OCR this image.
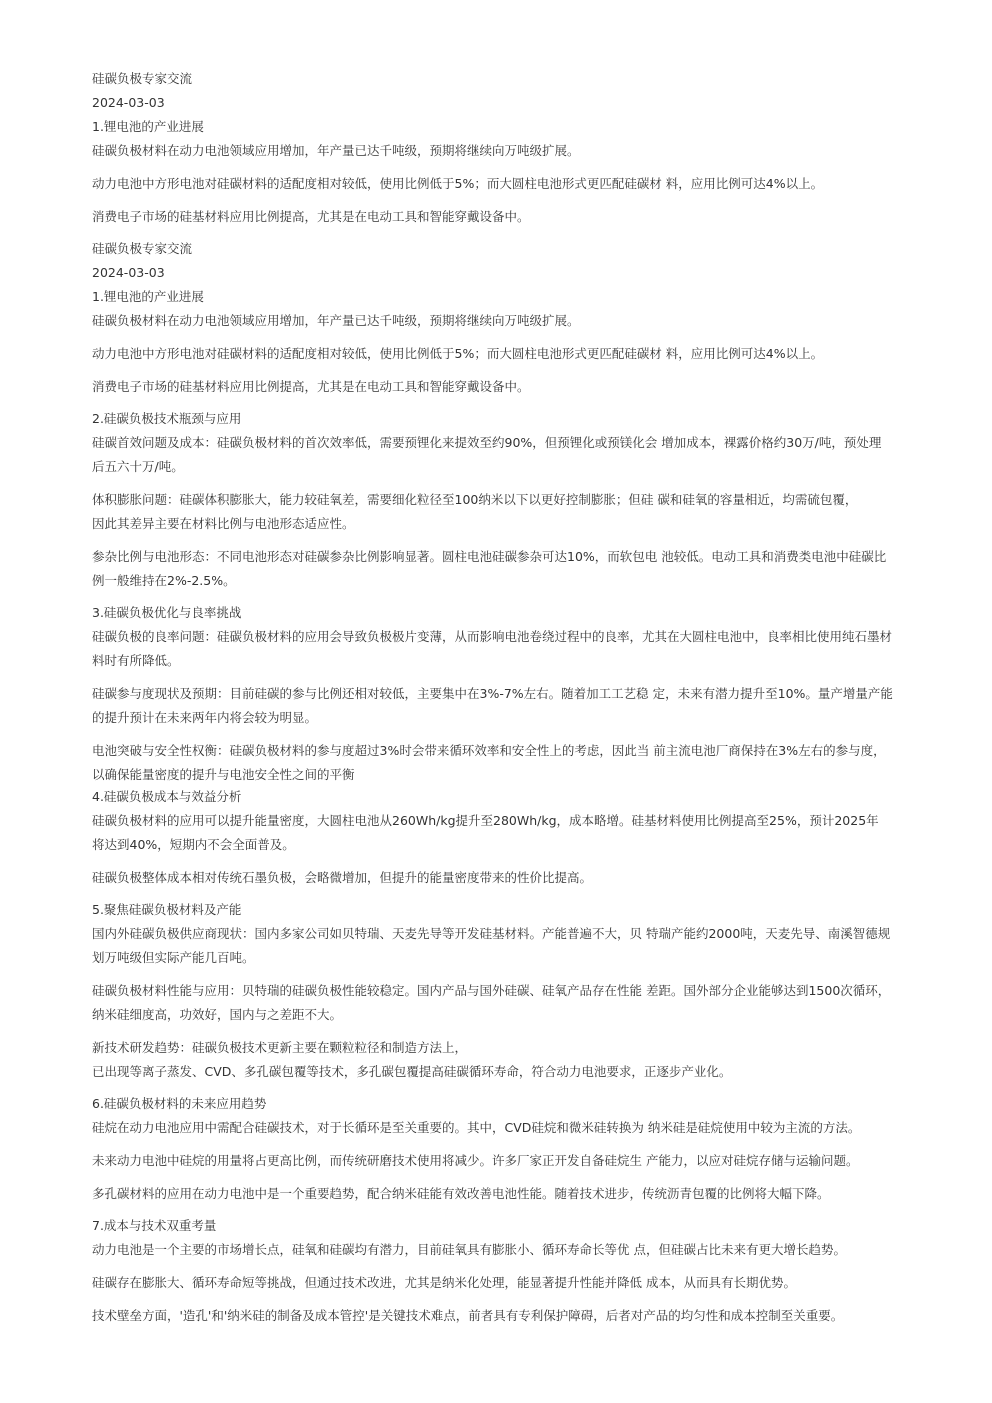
硅碳负极专家交流
2024-03-03
1.锂电池的产业进展
硅碳负极材料在动力电池领域应用增加，年产量已达千吨级，预期将继续向万吨级扩展。
动力电池中方形电池对硅碳材料的适配度相对较低，使用比例低于5%；而大圆柱电池形式更匹配硅碳材 料，应用比例可达4%以上。
消费电子市场的硅基材料应用比例提高，尤其是在电动工具和智能穿戴设备中。
硅碳负极专家交流
2024-03-03
1.锂电池的产业进展
硅碳负极材料在动力电池领域应用增加，年产量已达千吨级，预期将继续向万吨级扩展。
动力电池中方形电池对硅碳材料的适配度相对较低，使用比例低于5%；而大圆柱电池形式更匹配硅碳材 料，应用比例可达4%以上。
消费电子市场的硅基材料应用比例提高，尤其是在电动工具和智能穿戴设备中。
2.硅碳负极技术瓶颈与应用
硅碳首效问题及成本：硅碳负极材料的首次效率低，需要预锂化来提效至约90%，但预锂化或预镁化会 增加成本，裸露价格约30万/吨，预处理
后五六十万/吨。
体积膨胀问题：硅碳体积膨胀大，能力较硅氧差，需要细化粒径至100纳米以下以更好控制膨胀；但硅 碳和硅氧的容量相近，均需硫包覆，
因此其差异主要在材料比例与电池形态适应性。
参杂比例与电池形态：不同电池形态对硅碳参杂比例影响显著。圆柱电池硅碳参杂可达10%，而软包电 池较低。电动工具和消费类电池中硅碳比
例一般维持在2%-2.5%。
3.硅碳负极优化与良率挑战
硅碳负极的良率问题：硅碳负极材料的应用会导致负极极片变薄，从而影响电池卷绕过程中的良率，尤其在大圆柱电池中，良率相比使用纯石墨材
料时有所降低。
硅碳参与度现状及预期：目前硅碳的参与比例还相对较低，主要集中在3%-7%左右。随着加工工艺稳 定，未来有潜力提升至10%。量产增量产能
的提升预计在未来两年内将会较为明显。
电池突破与安全性权衡：硅碳负极材料的参与度超过3%时会带来循环效率和安全性上的考虑，因此当 前主流电池厂商保持在3%左右的参与度，
以确保能量密度的提升与电池安全性之间的平衡
4.硅碳负极成本与效益分析
硅碳负极材料的应用可以提升能量密度，大圆柱电池从260Wh/kg提升至280Wh/kg，成本略增。硅基材料使用比例提高至25%，预计2025年
将达到40%，短期内不会全面普及。
硅碳负极整体成本相对传统石墨负极，会略微增加，但提升的能量密度带来的性价比提高。
5.聚焦硅碳负极材料及产能
国内外硅碳负极供应商现状：国内多家公司如贝特瑞、天麦先导等开发硅基材料。产能普遍不大，贝 特瑞产能约2000吨，天麦先导、南溪智德规
划万吨级但实际产能几百吨。
硅碳负极材料性能与应用：贝特瑞的硅碳负极性能较稳定。国内产品与国外硅碳、硅氧产品存在性能 差距。国外部分企业能够达到1500次循环，
纳米硅细度高，功效好，国内与之差距不大。
新技术研发趋势：硅碳负极技术更新主要在颗粒粒径和制造方法上，
已出现等离子蒸发、CVD、多孔碳包覆等技术，多孔碳包覆提高硅碳循环寿命，符合动力电池要求，正逐步产业化。
6.硅碳负极材料的未来应用趋势
硅烷在动力电池应用中需配合硅碳技术，对于长循环是至关重要的。其中，CVD硅烷和微米硅转换为 纳米硅是硅烷使用中较为主流的方法。
未来动力电池中硅烷的用量将占更高比例，而传统研磨技术使用将减少。许多厂家正开发自备硅烷生 产能力，以应对硅烷存储与运输问题。
多孔碳材料的应用在动力电池中是一个重要趋势，配合纳米硅能有效改善电池性能。随着技术进步，传统沥青包覆的比例将大幅下降。
7.成本与技术双重考量
动力电池是一个主要的市场增长点，硅氧和硅碳均有潜力，目前硅氧具有膨胀小、循环寿命长等优 点，但硅碳占比未来有更大增长趋势。
硅碳存在膨胀大、循环寿命短等挑战，但通过技术改进，尤其是纳米化处理，能显著提升性能并降低 成本，从而具有长期优势。
技术壁垒方面，'造孔'和'纳米硅的制备及成本管控'是关键技术难点，前者具有专利保护障碍，后者对产品的均匀性和成本控制至关重要。
